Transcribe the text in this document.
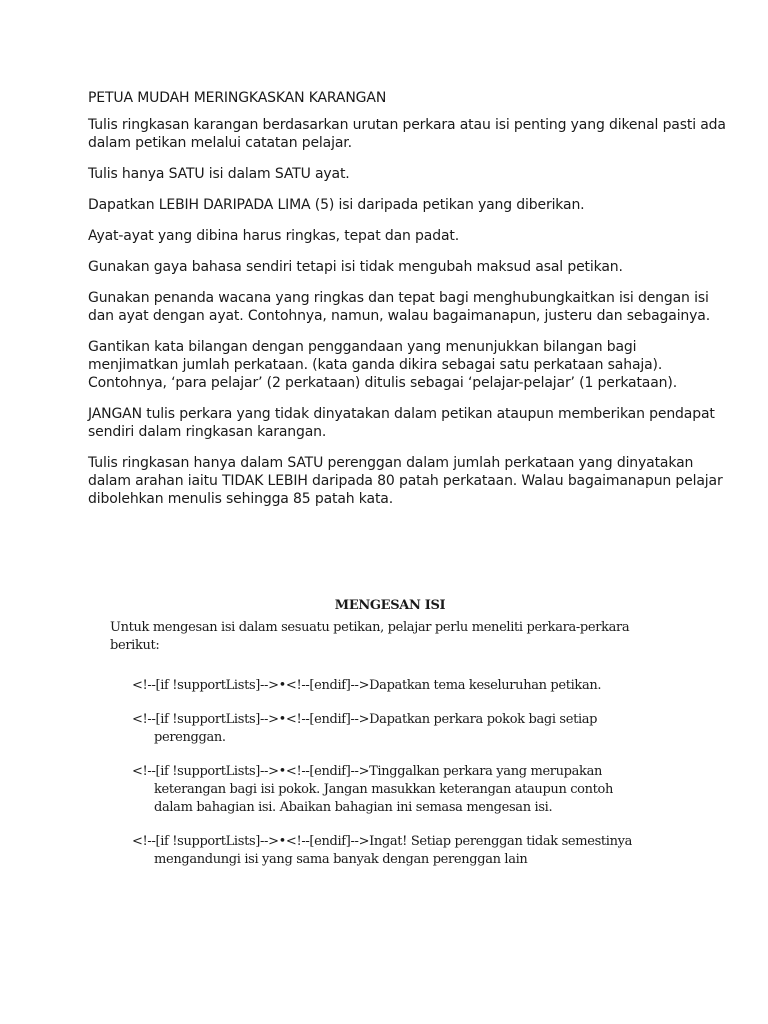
PETUA MUDAH MERINGKASKAN KARANGAN

Tulis ringkasan karangan berdasarkan urutan perkara atau isi penting yang dikenal pasti ada dalam petikan melalui catatan pelajar.

Tulis hanya SATU isi dalam SATU ayat.

Dapatkan LEBIH DARIPADA LIMA (5) isi daripada petikan yang diberikan.

Ayat-ayat yang dibina harus ringkas, tepat dan padat.

Gunakan gaya bahasa sendiri tetapi isi tidak mengubah maksud asal petikan.

Gunakan penanda wacana yang ringkas dan tepat bagi menghubungkaitkan isi dengan isi dan ayat dengan ayat. Contohnya, namun, walau bagaimanapun, justeru dan sebagainya.

Gantikan kata bilangan dengan penggandaan yang menunjukkan bilangan bagi menjimatkan jumlah perkataan. (kata ganda dikira sebagai satu perkataan sahaja). Contohnya, ‘para pelajar’ (2 perkataan) ditulis sebagai ‘pelajar-pelajar’ (1 perkataan).

JANGAN tulis perkara yang tidak dinyatakan dalam petikan ataupun memberikan pendapat sendiri dalam ringkasan karangan.

Tulis ringkasan hanya dalam SATU perenggan dalam jumlah perkataan yang dinyatakan dalam arahan iaitu TIDAK LEBIH daripada 80 patah perkataan. Walau bagaimanapun pelajar dibolehkan menulis sehingga 85 patah kata.

MENGESAN ISI

Untuk mengesan isi dalam sesuatu petikan, pelajar perlu meneliti perkara-perkara berikut:

<!--[if !supportLists]-->•<!--[endif]-->Dapatkan tema keseluruhan petikan.

<!--[if !supportLists]-->•<!--[endif]-->Dapatkan perkara pokok bagi setiap perenggan.

<!--[if !supportLists]-->•<!--[endif]-->Tinggalkan perkara yang merupakan keterangan bagi isi pokok. Jangan masukkan keterangan ataupun contoh dalam bahagian isi. Abaikan bahagian ini semasa mengesan isi.

<!--[if !supportLists]-->•<!--[endif]-->Ingat! Setiap perenggan tidak semestinya mengandungi isi yang sama banyak dengan perenggan lain
